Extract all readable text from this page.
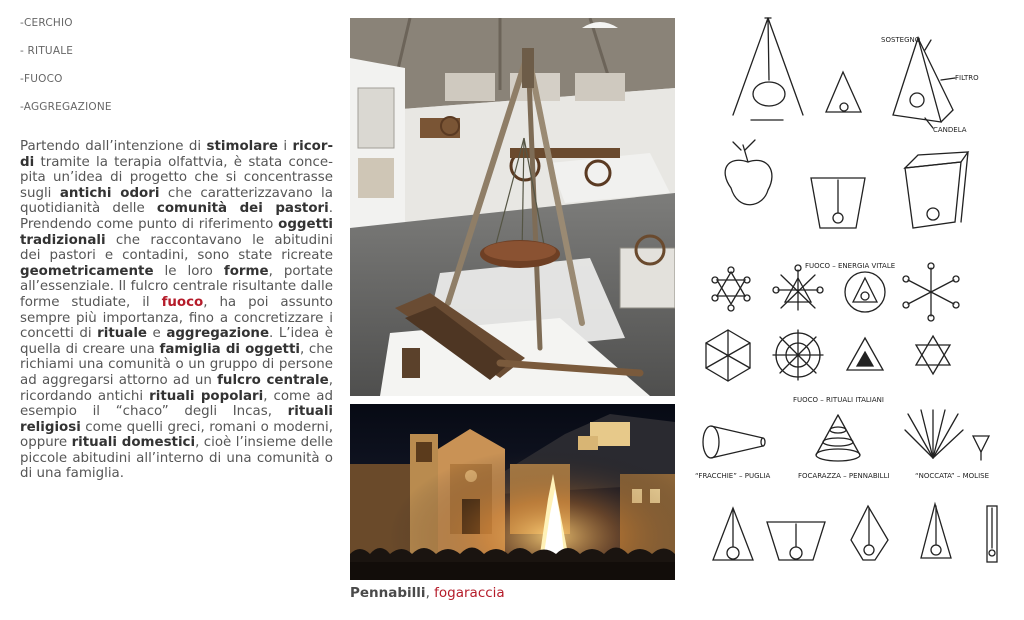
-CERCHIO
- RITUALE
-FUOCO
-AGGREGAZIONE
Partendo dall’intenzione di stimolare i ricordi tramite la terapia olfattvia, è stata concepita un’idea di progetto che si concentrasse sugli antichi odori che caratterizzavano la quotidianità delle comunità dei pastori. Prendendo come punto di riferimento oggetti tradizionali che raccontavano le abitudini dei pastori e contadini, sono state ricreate geometricamente le loro forme, portate all’essenziale. Il fulcro centrale risultante dalle forme studiate, il fuoco, ha poi assunto sempre più importanza, fino a concretizzare i concetti di rituale e aggregazione. L’idea è quella di creare una famiglia di oggetti, che richiami una comunità o un gruppo di persone ad aggregarsi attorno ad un fulcro centrale, ricordando antichi rituali popolari, come ad esempio il “chaco” degli Incas, rituali religiosi come quelli greci, romani o moderni, oppure rituali domestici, cioè l’insieme delle piccole abitudini all’interno di una comunità o di una famiglia.
Pennabilli, fogaraccia
SOSTEGNO
FILTRO
CANDELA
FUOCO – ENERGIA VITALE
FUOCO – RITUALI ITALIANI
“FRACCHIE” – PUGLIA	FOCARAZZA – PENNABILLI	“NOCCATA” – MOLISE
